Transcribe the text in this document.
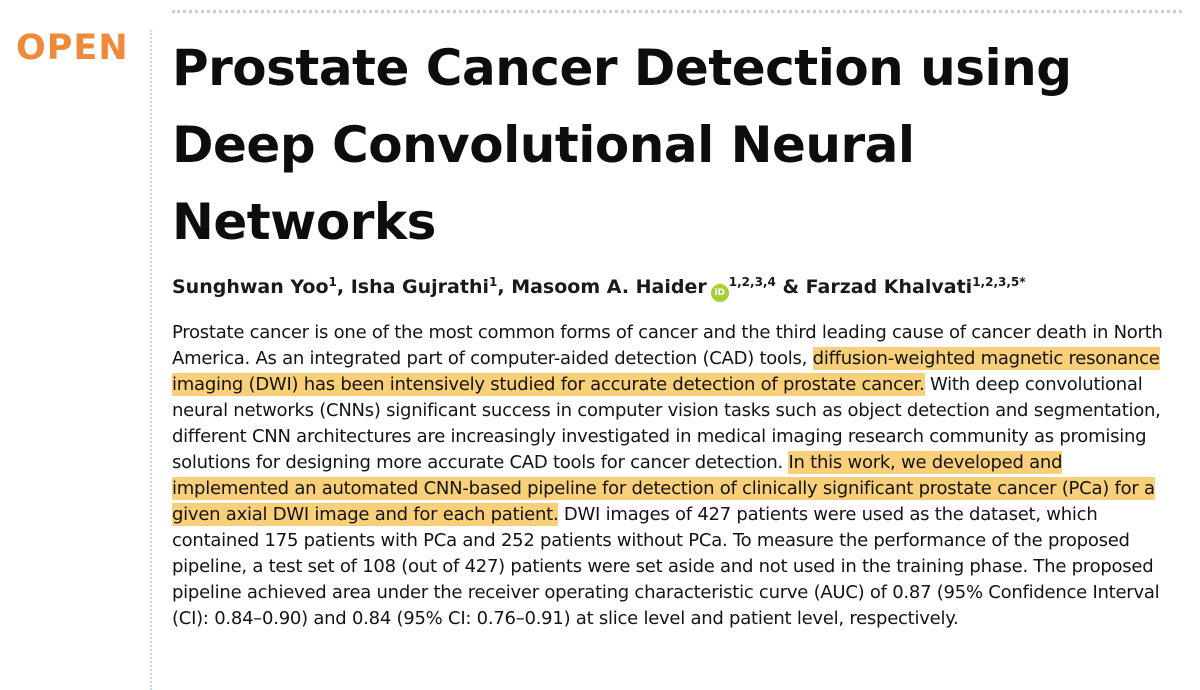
OPEN Prostate Cancer Detection using Deep Convolutional Neural Networks
Sunghwan Yoo$^1$, Isha Gujrathi$^1$, Masoom A. Haider iD$^{1,2,3,4}$ & Farzad Khalvati$^{1,2,3,5*}$

Prostate cancer is one of the most common forms of cancer and the third leading cause of cancer death in North America. As an integrated part of computer-aided detection (CAD) tools, diffusion-weighted magnetic resonance imaging (DWI) has been intensively studied for accurate detection of prostate cancer. With deep convolutional neural networks (CNNs) significant success in computer vision tasks such as object detection and segmentation, different CNN architectures are increasingly investigated in medical imaging research community as promising solutions for designing more accurate CAD tools for cancer detection. In this work, we developed and implemented an automated CNN-based pipeline for detection of clinically significant prostate cancer (PCa) for a given axial DWI image and for each patient. DWI images of 427 patients were used as the dataset, which contained 175 patients with PCa and 252 patients without PCa. To measure the performance of the proposed pipeline, a test set of 108 (out of 427) patients were set aside and not used in the training phase. The proposed pipeline achieved area under the receiver operating characteristic curve (AUC) of 0.87 (95% Confidence Interval (CI): 0.84–0.90) and 0.84 (95% CI: 0.76–0.91) at slice level and patient level, respectively.
